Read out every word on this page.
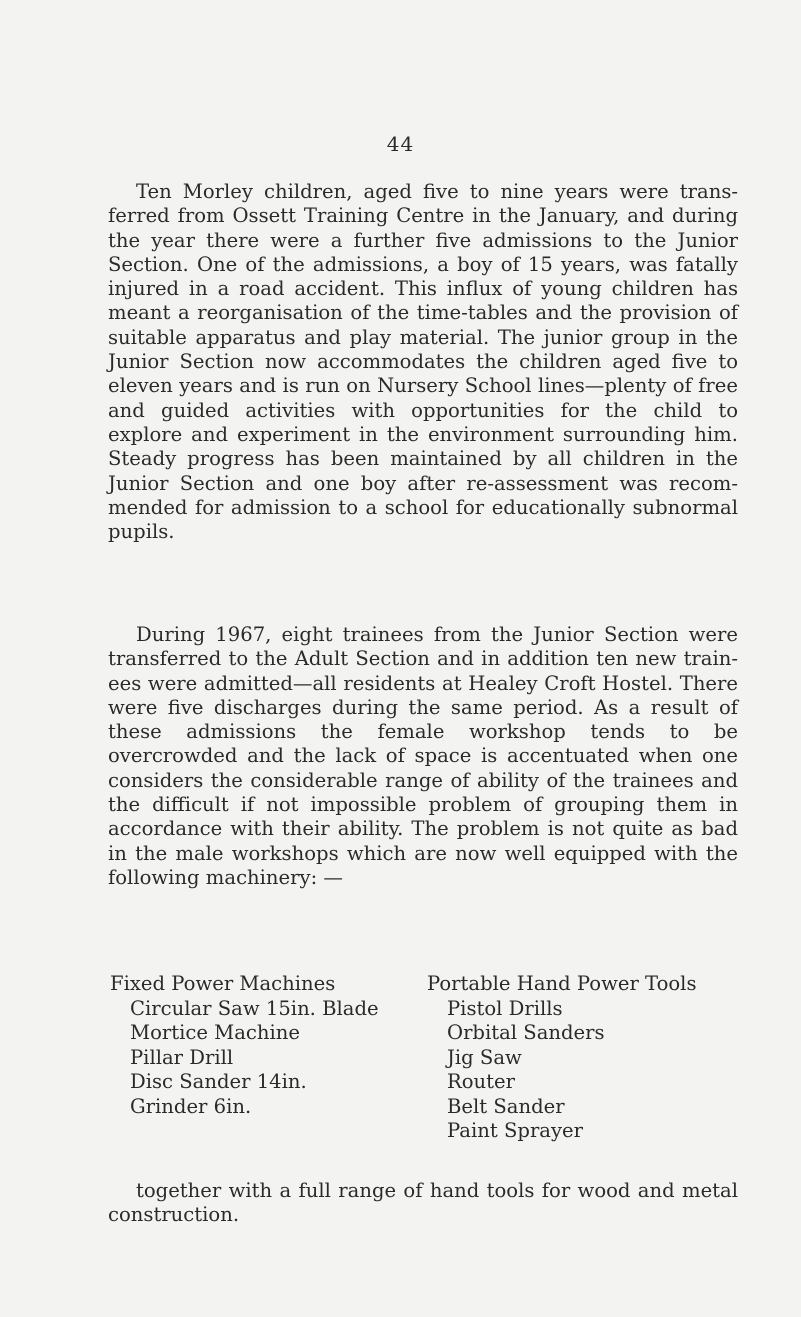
44

Ten Morley children, aged five to nine years were trans- ferred from Ossett Training Centre in the January, and during the year there were a further five admissions to the Junior Section. One of the admissions, a boy of 15 years, was fatally injured in a road accident. This influx of young children has meant a reorganisation of the time-tables and the provision of suitable apparatus and play material. The junior group in the Junior Section now accommodates the children aged five to eleven years and is run on Nursery School lines—plenty of free and guided activities with opportunities for the child to explore and experiment in the environment surrounding him. Steady progress has been maintained by all children in the Junior Section and one boy after re-assessment was recom- mended for admission to a school for educationally subnormal pupils.

During 1967, eight trainees from the Junior Section were transferred to the Adult Section and in addition ten new train- ees were admitted—all residents at Healey Croft Hostel. There were five discharges during the same period. As a result of these admissions the female workshop tends to be overcrowded and the lack of space is accentuated when one considers the considerable range of ability of the trainees and the difficult if not impossible problem of grouping them in accordance with their ability. The problem is not quite as bad in the male workshops which are now well equipped with the following machinery: —

Fixed Power Machines
Circular Saw 15in. Blade
Mortice Machine
Pillar Drill
Disc Sander 14in.
Grinder 6in.
Portable Hand Power Tools
Pistol Drills
Orbital Sanders
Jig Saw
Router
Belt Sander
Paint Sprayer

together with a full range of hand tools for wood and metal construction.
